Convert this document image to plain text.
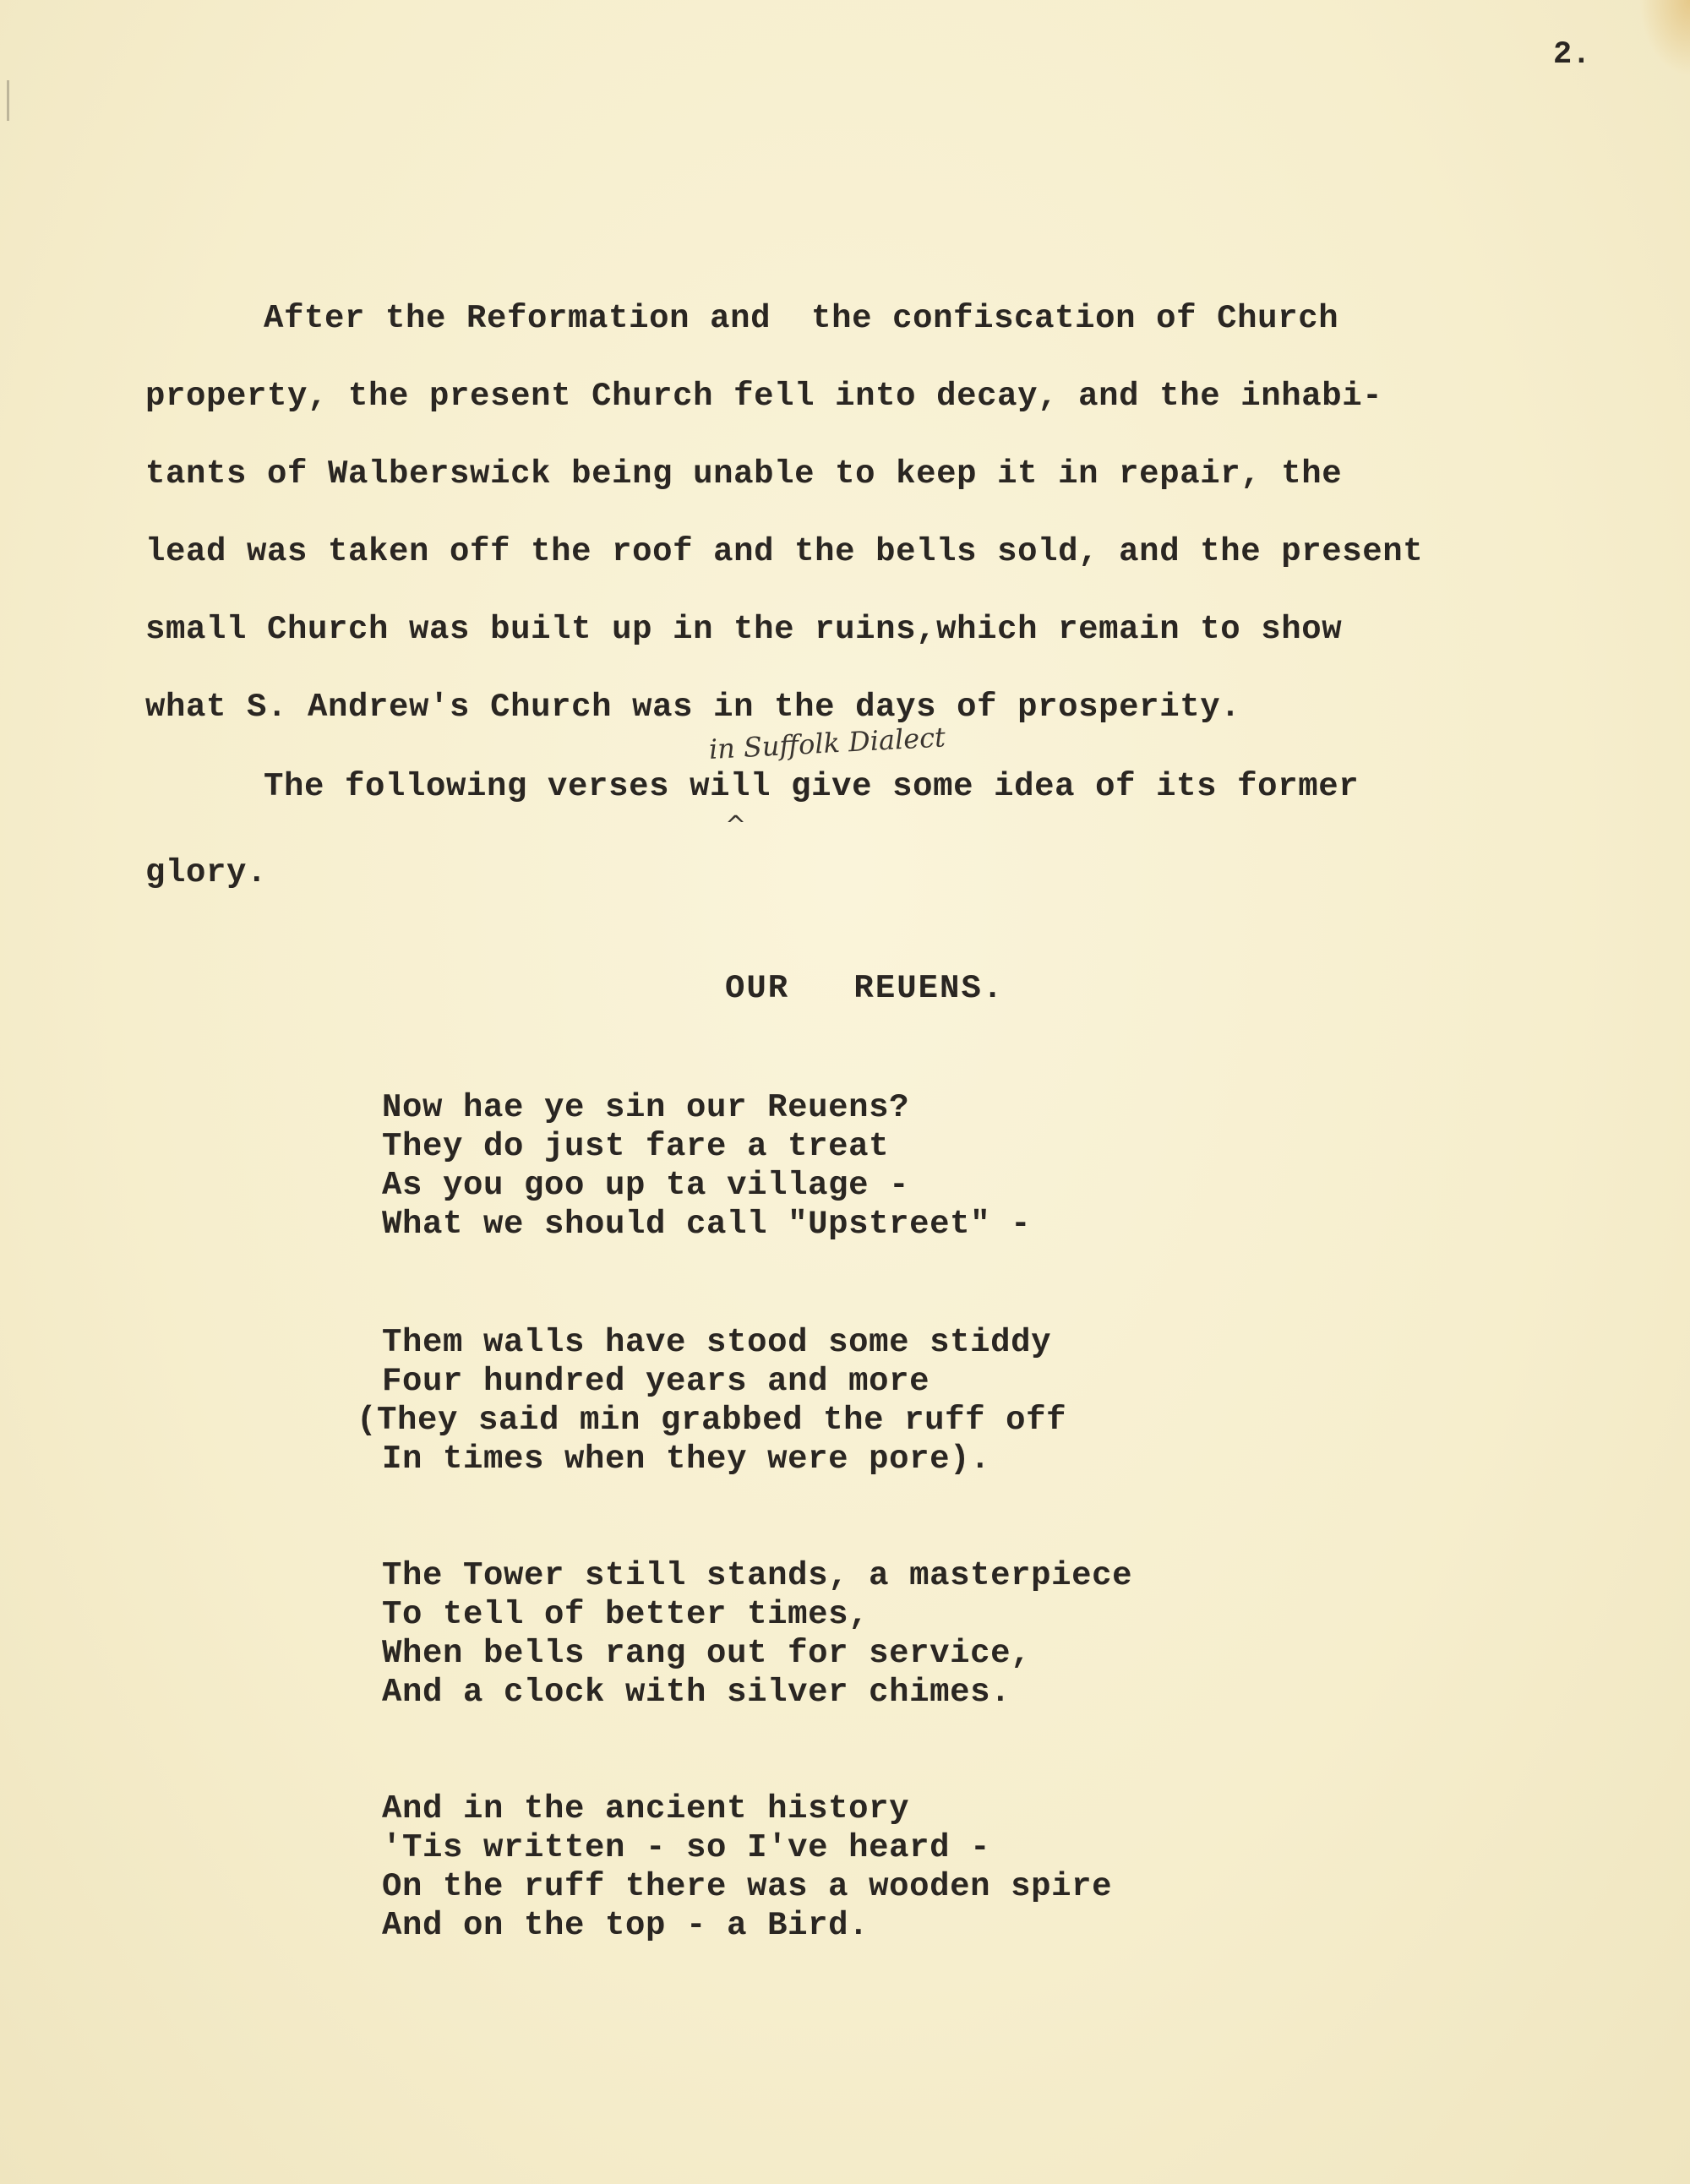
2.
After the Reformation and  the confiscation of Church
property, the present Church fell into decay, and the inhabi-
tants of Walberswick being unable to keep it in repair, the
lead was taken off the roof and the bells sold, and the present
small Church was built up in the ruins,which remain to show
what S. Andrew's Church was in the days of prosperity.
in Suffolk Dialect
The following verses will give some idea of its former
^
glory.
OUR   REUENS.
Now hae ye sin our Reuens?
They do just fare a treat
As you goo up ta village -
What we should call "Upstreet" -
Them walls have stood some stiddy
Four hundred years and more
(They said min grabbed the ruff off
In times when they were pore).
The Tower still stands, a masterpiece
To tell of better times,
When bells rang out for service,
And a clock with silver chimes.
And in the ancient history
'Tis written - so I've heard -
On the ruff there was a wooden spire
And on the top - a Bird.
